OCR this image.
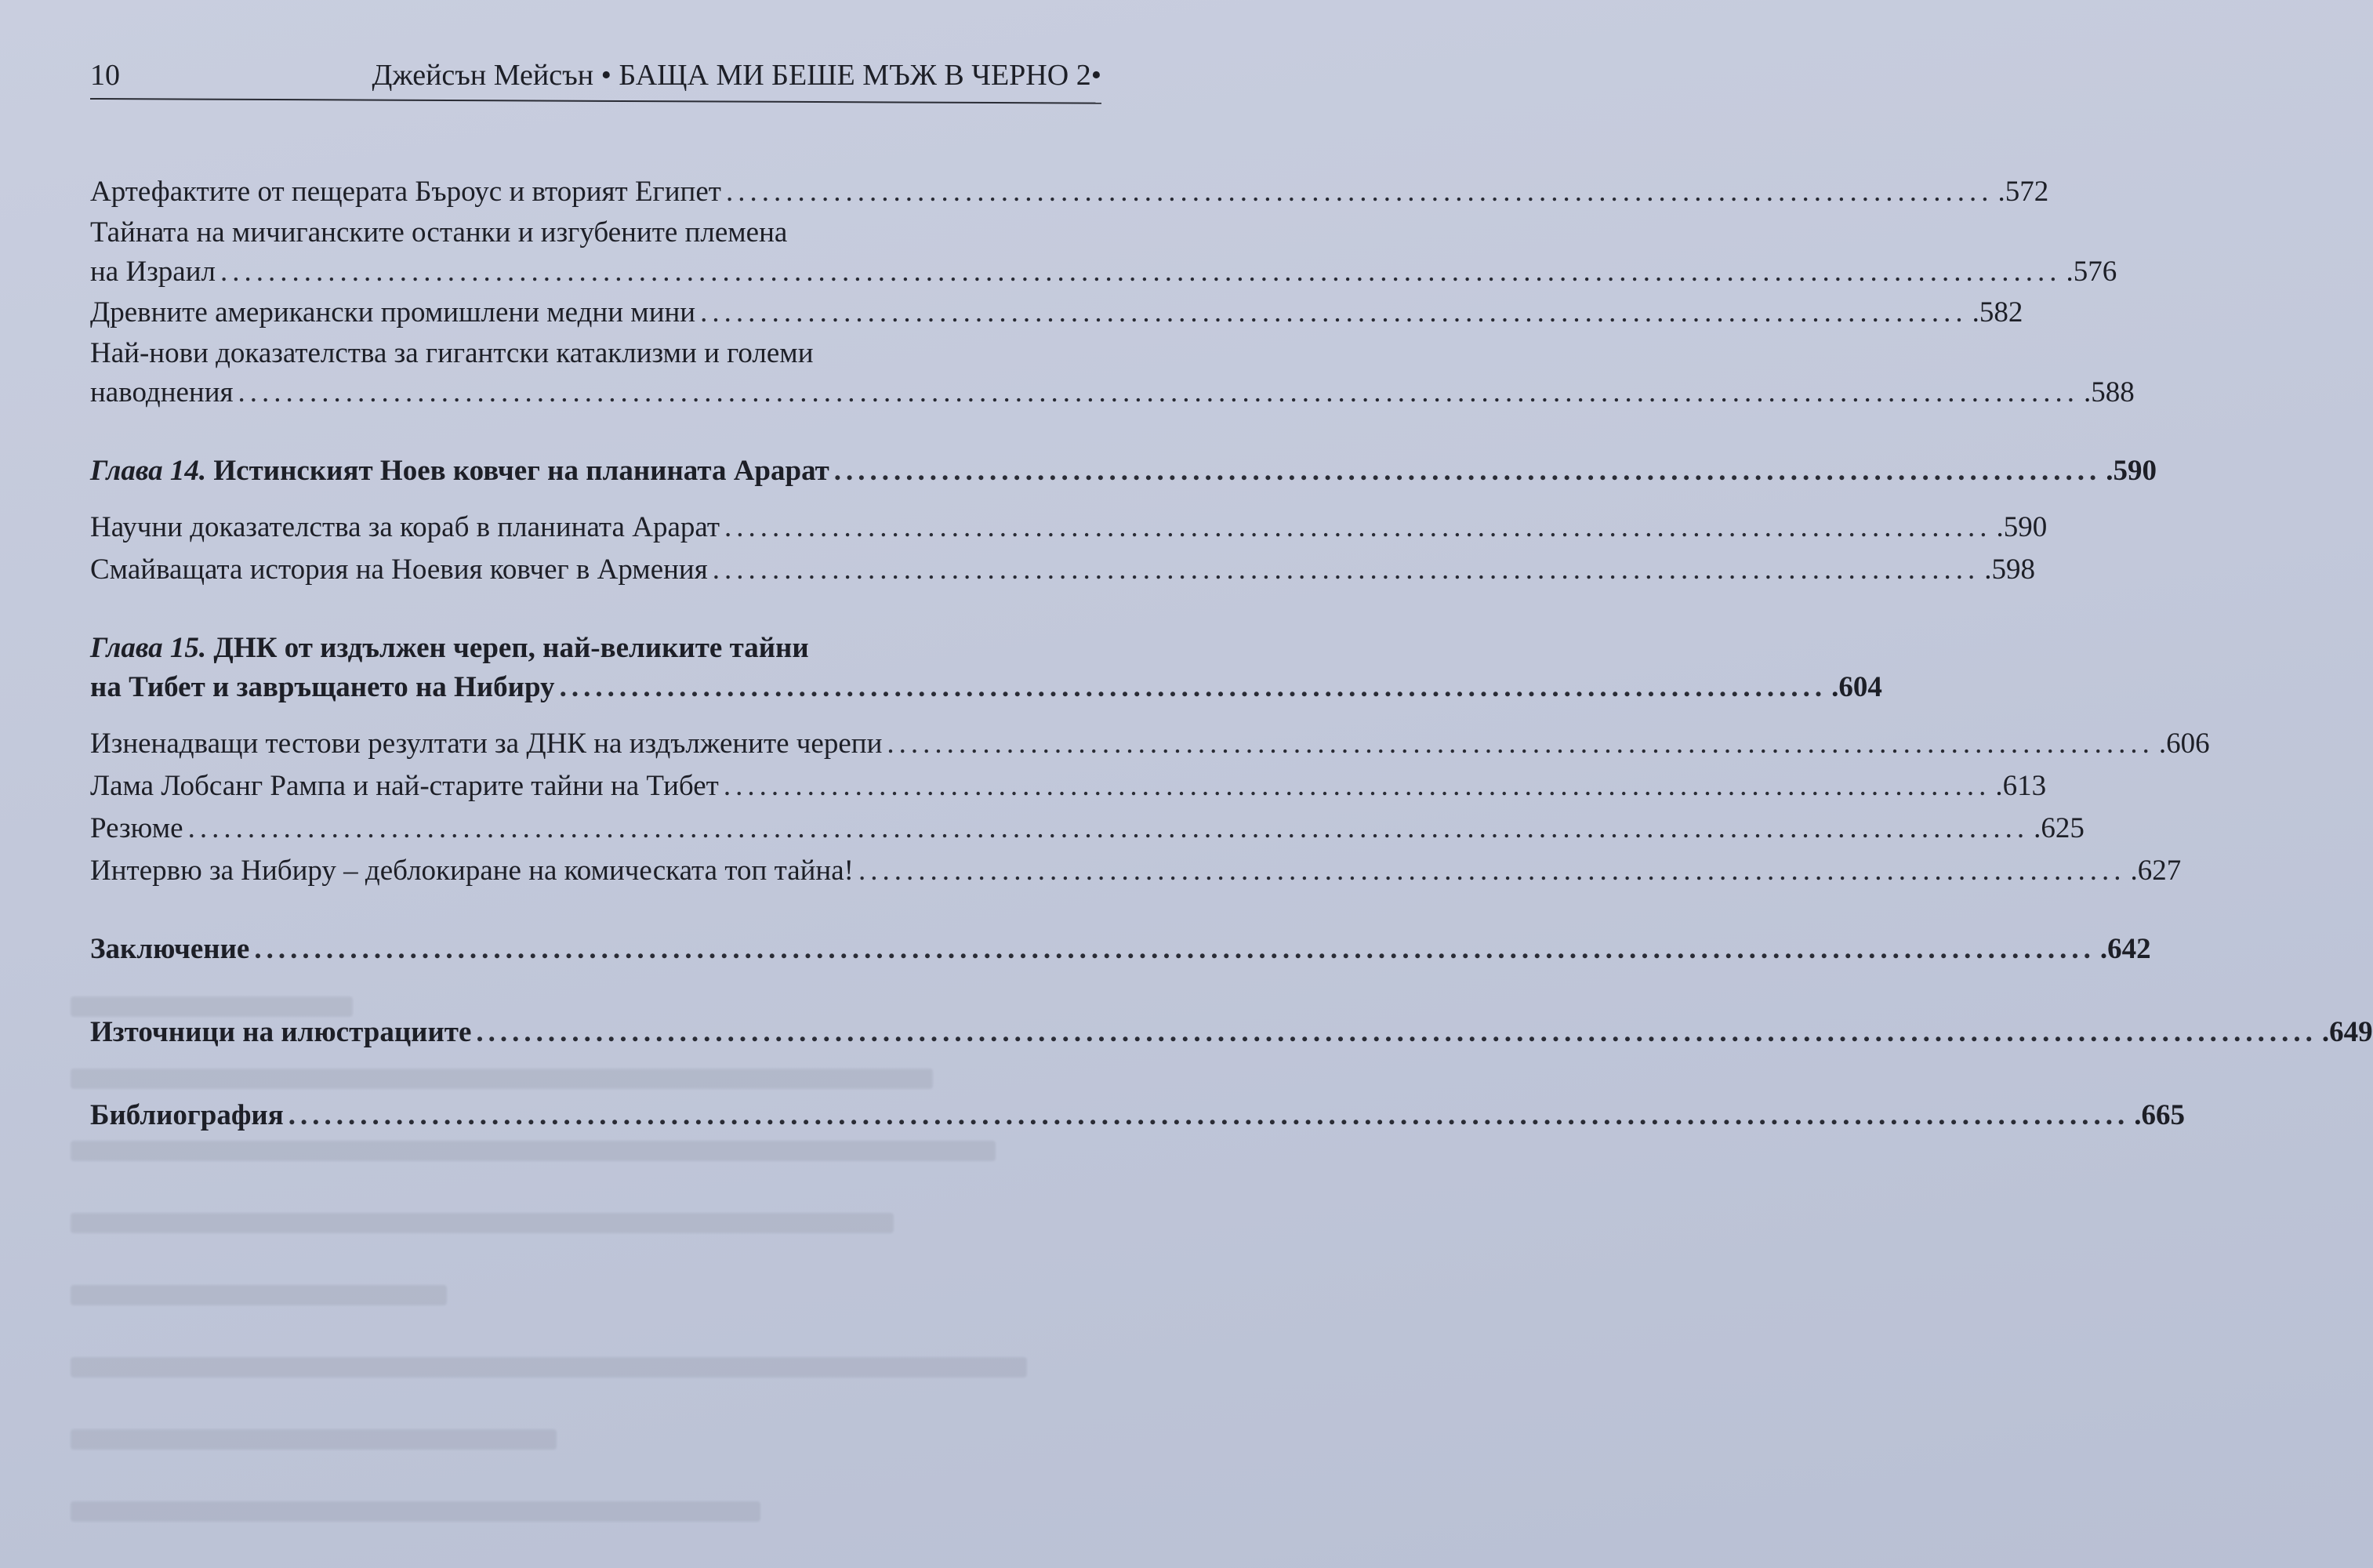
10	Джейсън Мейсън • БАЩА МИ БЕШЕ МЪЖ В ЧЕРНО 2•
Артефактите от пещерата Бъроус и вторият Египет .......................................................................................................... .572
Тайната на мичиганските останки и изгубените племена
на Израил .......................................................................................................................................................... .576
Древните американски промишлени медни мини .......................................................................................................... .582
Най-нови доказателства за гигантски катаклизми и големи
наводнения .......................................................................................................................................................... .588
Глава 14. Истинският Ноев ковчег на планината Арарат .......................................................................................................... .590
Научни доказателства за кораб в планината Арарат .......................................................................................................... .590
Смайващата история на Ноевия ковчег в Армения .......................................................................................................... .598
Глава 15. ДНК от издължен череп, най-великите тайни
на Тибет и завръщането на Нибиру .......................................................................................................... .604
Изненадващи тестови резултати за ДНК на издължените черепи .......................................................................................................... .606
Лама Лобсанг Рампа и най-старите тайни на Тибет .......................................................................................................... .613
Резюме .......................................................................................................................................................... .625
Интервю за Нибиру – деблокиране на комическата топ тайна! .......................................................................................................... .627
Заключение .......................................................................................................................................................... .642
Източници на илюстрациите .......................................................................................................................................................... .649
Библиография .......................................................................................................................................................... .665
